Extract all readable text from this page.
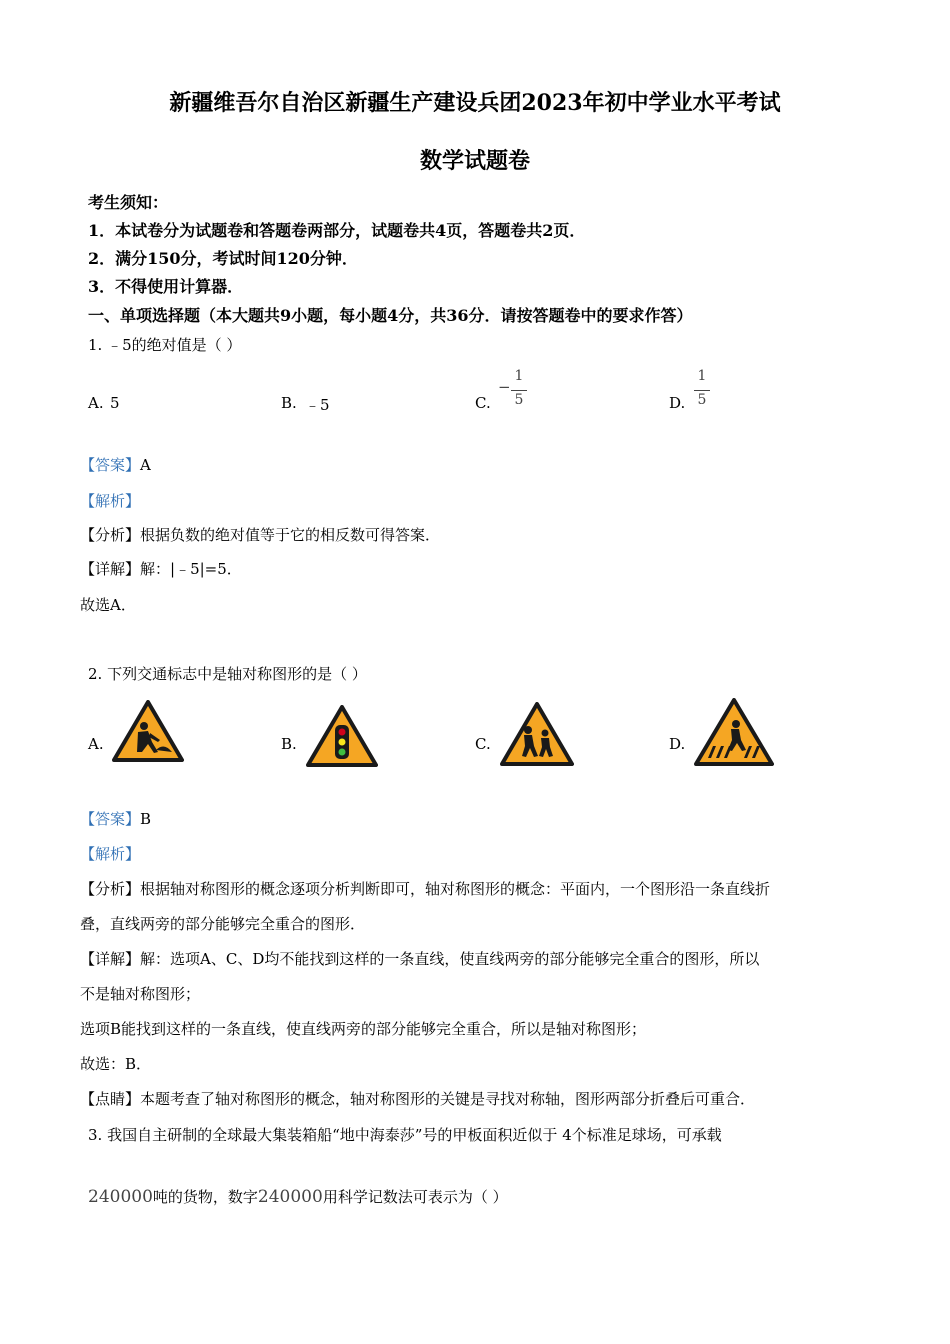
新疆维吾尔自治区新疆生产建设兵团2023年初中学业水平考试
数学试题卷
考生须知：
1．本试卷分为试题卷和答题卷两部分，试题卷共4页，答题卷共2页．
2．满分150分，考试时间120分钟．
3．不得使用计算器．
一、单项选择题（本大题共9小题，每小题4分，共36分．请按答题卷中的要求作答）
1. ﹣5的绝对值是（ ）
A. 5	B. ﹣5	C.
−
1
5	D.
1
5
【答案】A
【解析】
【分析】根据负数的绝对值等于它的相反数可得答案．
【详解】解：|﹣5|=5．
故选A．
2. 下列交通标志中是轴对称图形的是（ ）
A.	B.	C.	D.
【答案】B
【解析】
【分析】根据轴对称图形的概念逐项分析判断即可，轴对称图形的概念：平面内，一个图形沿一条直线折
叠，直线两旁的部分能够完全重合的图形．
【详解】解：选项A、C、D均不能找到这样的一条直线，使直线两旁的部分能够完全重合的图形，所以
不是轴对称图形；
选项B能找到这样的一条直线，使直线两旁的部分能够完全重合，所以是轴对称图形；
故选：B．
【点睛】本题考查了轴对称图形的概念，轴对称图形的关键是寻找对称轴，图形两部分折叠后可重合．
3. 我国自主研制的全球最大集装箱船“地中海泰莎”号的甲板面积近似于 4个标准足球场，可承载
240000吨的货物，数字240000用科学记数法可表示为（ ）
